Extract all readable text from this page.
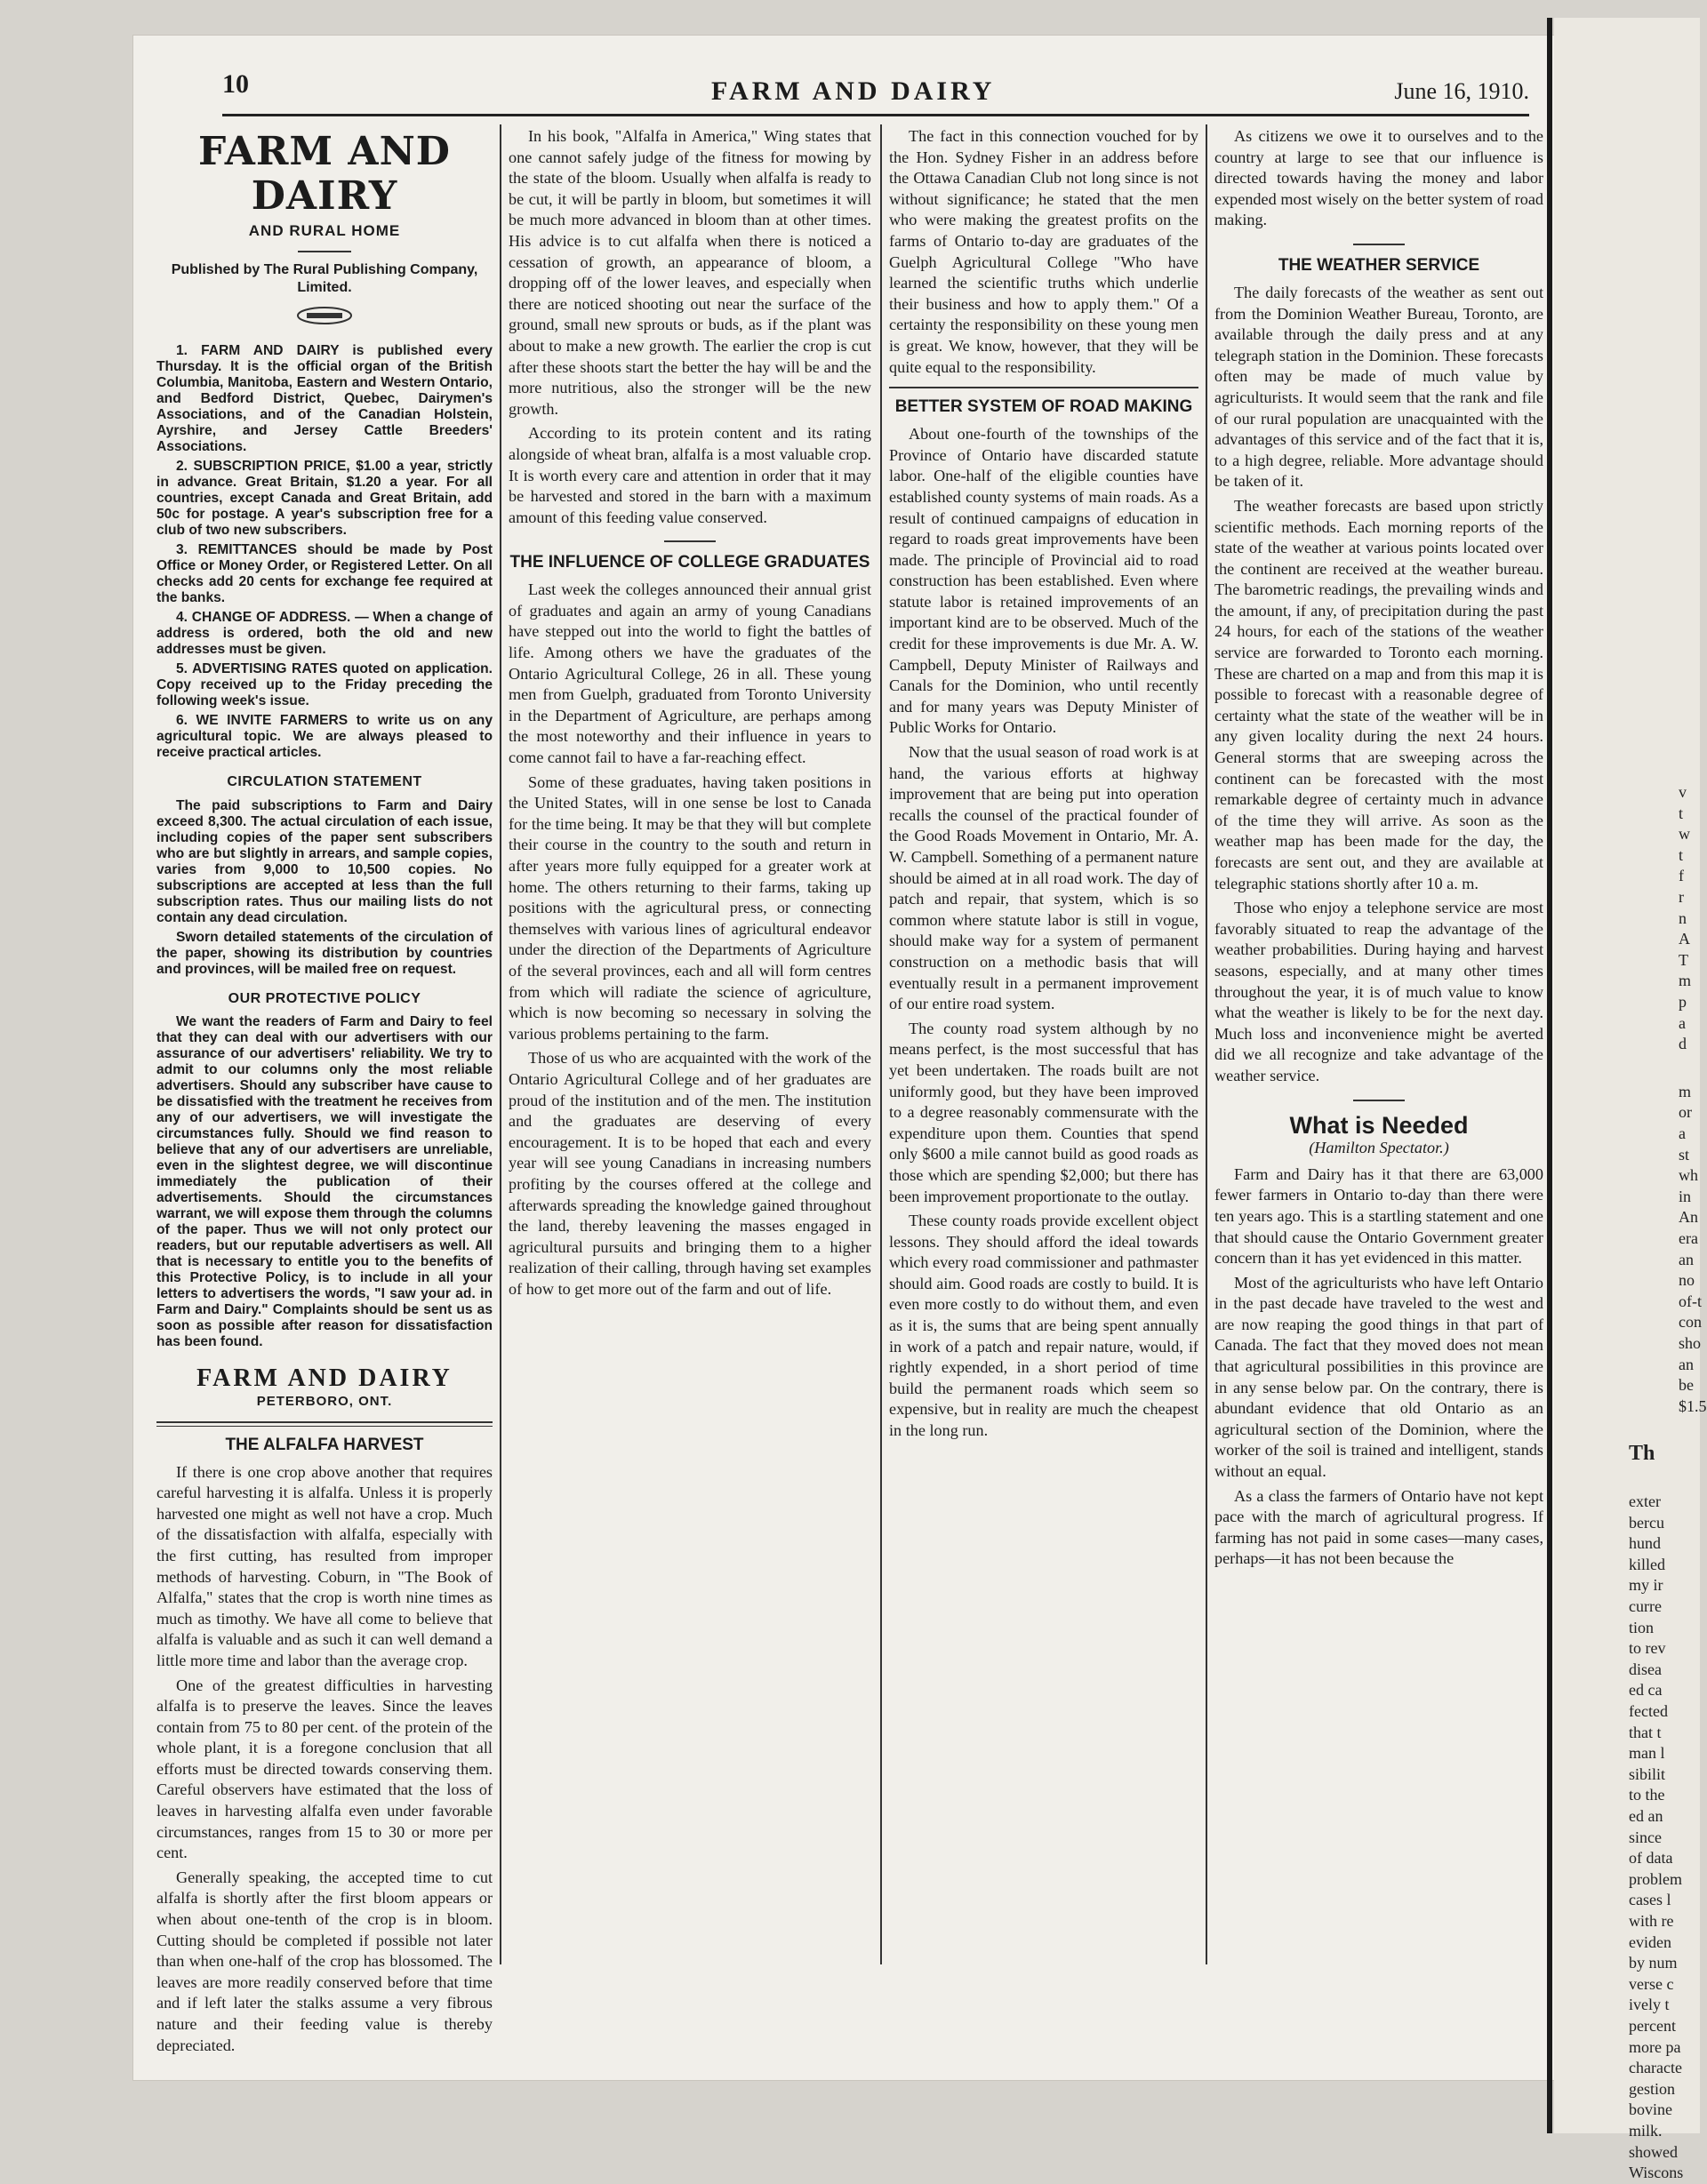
v
t
w
t
f
r
n
A
T
m
p
a
d
m
or
a
st
wh
in
An
era
an
no
of-t
con
sho
an
be
$1.5
Th
exter
bercu
hund
killed
my ir
curre
tion
to rev
disea
ed ca
fected
that t
man l
sibilit
to the
ed an
since
of data
problem
cases l
with re
eviden
by num
verse c
ively t
percent
more pa
characte
gestion
bovine
milk.
showed
Wiscons
10	FARM AND DAIRY	June 16, 1910.
FARM AND DAIRY
AND RURAL HOME
Published by The Rural Publishing Company, Limited.

1. FARM AND DAIRY is published every Thursday. It is the official organ of the British Columbia, Manitoba, Eastern and Western Ontario, and Bedford District, Quebec, Dairymen's Associations, and of the Canadian Holstein, Ayrshire, and Jersey Cattle Breeders' Associations.

2. SUBSCRIPTION PRICE, $1.00 a year, strictly in advance. Great Britain, $1.20 a year. For all countries, except Canada and Great Britain, add 50c for postage. A year's subscription free for a club of two new subscribers.

3. REMITTANCES should be made by Post Office or Money Order, or Registered Letter. On all checks add 20 cents for exchange fee required at the banks.

4. CHANGE OF ADDRESS. — When a change of address is ordered, both the old and new addresses must be given.

5. ADVERTISING RATES quoted on application. Copy received up to the Friday preceding the following week's issue.

6. WE INVITE FARMERS to write us on any agricultural topic. We are always pleased to receive practical articles.

CIRCULATION STATEMENT

The paid subscriptions to Farm and Dairy exceed 8,300. The actual circulation of each issue, including copies of the paper sent subscribers who are but slightly in arrears, and sample copies, varies from 9,000 to 10,500 copies. No subscriptions are accepted at less than the full subscription rates. Thus our mailing lists do not contain any dead circulation.

Sworn detailed statements of the circulation of the paper, showing its distribution by countries and provinces, will be mailed free on request.

OUR PROTECTIVE POLICY

We want the readers of Farm and Dairy to feel that they can deal with our advertisers with our assurance of our advertisers' reliability. We try to admit to our columns only the most reliable advertisers. Should any subscriber have cause to be dissatisfied with the treatment he receives from any of our advertisers, we will investigate the circumstances fully. Should we find reason to believe that any of our advertisers are unreliable, even in the slightest degree, we will discontinue immediately the publication of their advertisements. Should the circumstances warrant, we will expose them through the columns of the paper. Thus we will not only protect our readers, but our reputable advertisers as well. All that is necessary to entitle you to the benefits of this Protective Policy, is to include in all your letters to advertisers the words, "I saw your ad. in Farm and Dairy." Complaints should be sent us as soon as possible after reason for dissatisfaction has been found.

FARM AND DAIRY
PETERBORO, ONT.
THE ALFALFA HARVEST

If there is one crop above another that requires careful harvesting it is alfalfa. Unless it is properly harvested one might as well not have a crop. Much of the dissatisfaction with alfalfa, especially with the first cutting, has resulted from improper methods of harvesting. Coburn, in "The Book of Alfalfa," states that the crop is worth nine times as much as timothy. We have all come to believe that alfalfa is valuable and as such it can well demand a little more time and labor than the average crop.

One of the greatest difficulties in harvesting alfalfa is to preserve the leaves. Since the leaves contain from 75 to 80 per cent. of the protein of the whole plant, it is a foregone conclusion that all efforts must be directed towards conserving them. Careful observers have estimated that the loss of leaves in harvesting alfalfa even under favorable circumstances, ranges from 15 to 30 or more per cent.

Generally speaking, the accepted time to cut alfalfa is shortly after the first bloom appears or when about one-tenth of the crop is in bloom. Cutting should be completed if possible not later than when one-half of the crop has blossomed. The leaves are more readily conserved before that time and if left later the stalks assume a very fibrous nature and their feeding value is thereby depreciated.

In his book, "Alfalfa in America," Wing states that one cannot safely judge of the fitness for mowing by the state of the bloom. Usually when alfalfa is ready to be cut, it will be partly in bloom, but sometimes it will be much more advanced in bloom than at other times. His advice is to cut alfalfa when there is noticed a cessation of growth, an appearance of bloom, a dropping off of the lower leaves, and especially when there are noticed shooting out near the surface of the ground, small new sprouts or buds, as if the plant was about to make a new growth. The earlier the crop is cut after these shoots start the better the hay will be and the more nutritious, also the stronger will be the new growth.

According to its protein content and its rating alongside of wheat bran, alfalfa is a most valuable crop. It is worth every care and attention in order that it may be harvested and stored in the barn with a maximum amount of this feeding value conserved.

THE INFLUENCE OF COLLEGE GRADUATES

Last week the colleges announced their annual grist of graduates and again an army of young Canadians have stepped out into the world to fight the battles of life. Among others we have the graduates of the Ontario Agricultural College, 26 in all. These young men from Guelph, graduated from Toronto University in the Department of Agriculture, are perhaps among the most noteworthy and their influence in years to come cannot fail to have a far-reaching effect.

Some of these graduates, having taken positions in the United States, will in one sense be lost to Canada for the time being. It may be that they will but complete their course in the country to the south and return in after years more fully equipped for a greater work at home. The others returning to their farms, taking up positions with the agricultural press, or connecting themselves with various lines of agricultural endeavor under the direction of the Departments of Agriculture of the several provinces, each and all will form centres from which will radiate the science of agriculture, which is now becoming so necessary in solving the various problems pertaining to the farm.

Those of us who are acquainted with the work of the Ontario Agricultural College and of her graduates are proud of the institution and of the men. The institution and the graduates are deserving of every encouragement. It is to be hoped that each and every year will see young Canadians in increasing numbers profiting by the courses offered at the college and afterwards spreading the knowledge gained throughout the land, thereby leavening the masses engaged in agricultural pursuits and bringing them to a higher realization of their calling, through having set examples of how to get more out of the farm and out of life.

The fact in this connection vouched for by the Hon. Sydney Fisher in an address before the Ottawa Canadian Club not long since is not without significance; he stated that the men who were making the greatest profits on the farms of Ontario to-day are graduates of the Guelph Agricultural College "Who have learned the scientific truths which underlie their business and how to apply them." Of a certainty the responsibility on these young men is great. We know, however, that they will be quite equal to the responsibility.

BETTER SYSTEM OF ROAD MAKING

About one-fourth of the townships of the Province of Ontario have discarded statute labor. One-half of the eligible counties have established county systems of main roads. As a result of continued campaigns of education in regard to roads great improvements have been made. The principle of Provincial aid to road construction has been established. Even where statute labor is retained improvements of an important kind are to be observed. Much of the credit for these improvements is due Mr. A. W. Campbell, Deputy Minister of Railways and Canals for the Dominion, who until recently and for many years was Deputy Minister of Public Works for Ontario.

Now that the usual season of road work is at hand, the various efforts at highway improvement that are being put into operation recalls the counsel of the practical founder of the Good Roads Movement in Ontario, Mr. A. W. Campbell. Something of a permanent nature should be aimed at in all road work. The day of patch and repair, that system, which is so common where statute labor is still in vogue, should make way for a system of permanent construction on a methodic basis that will eventually result in a permanent improvement of our entire road system.

The county road system although by no means perfect, is the most successful that has yet been undertaken. The roads built are not uniformly good, but they have been improved to a degree reasonably commensurate with the expenditure upon them. Counties that spend only $600 a mile cannot build as good roads as those which are spending $2,000; but there has been improvement proportionate to the outlay.

These county roads provide excellent object lessons. They should afford the ideal towards which every road commissioner and pathmaster should aim. Good roads are costly to build. It is even more costly to do without them, and even as it is, the sums that are being spent annually in work of a patch and repair nature, would, if rightly expended, in a short period of time build the permanent roads which seem so expensive, but in reality are much the cheapest in the long run.

As citizens we owe it to ourselves and to the country at large to see that our influence is directed towards having the money and labor expended most wisely on the better system of road making.

THE WEATHER SERVICE

The daily forecasts of the weather as sent out from the Dominion Weather Bureau, Toronto, are available through the daily press and at any telegraph station in the Dominion. These forecasts often may be made of much value by agriculturists. It would seem that the rank and file of our rural population are unacquainted with the advantages of this service and of the fact that it is, to a high degree, reliable. More advantage should be taken of it.

The weather forecasts are based upon strictly scientific methods. Each morning reports of the state of the weather at various points located over the continent are received at the weather bureau. The barometric readings, the prevailing winds and the amount, if any, of precipitation during the past 24 hours, for each of the stations of the weather service are forwarded to Toronto each morning. These are charted on a map and from this map it is possible to forecast with a reasonable degree of certainty what the state of the weather will be in any given locality during the next 24 hours. General storms that are sweeping across the continent can be forecasted with the most remarkable degree of certainty much in advance of the time they will arrive. As soon as the weather map has been made for the day, the forecasts are sent out, and they are available at telegraphic stations shortly after 10 a. m.

Those who enjoy a telephone service are most favorably situated to reap the advantage of the weather probabilities. During haying and harvest seasons, especially, and at many other times throughout the year, it is of much value to know what the weather is likely to be for the next day. Much loss and inconvenience might be averted did we all recognize and take advantage of the weather service.

What is Needed
(Hamilton Spectator.)

Farm and Dairy has it that there are 63,000 fewer farmers in Ontario to-day than there were ten years ago. This is a startling statement and one that should cause the Ontario Government greater concern than it has yet evidenced in this matter.

Most of the agriculturists who have left Ontario in the past decade have traveled to the west and are now reaping the good things in that part of Canada. The fact that they moved does not mean that agricultural possibilities in this province are in any sense below par. On the contrary, there is abundant evidence that old Ontario as an agricultural section of the Dominion, where the worker of the soil is trained and intelligent, stands without an equal.

As a class the farmers of Ontario have not kept pace with the march of agricultural progress. If farming has not paid in some cases—many cases, perhaps—it has not been because the
